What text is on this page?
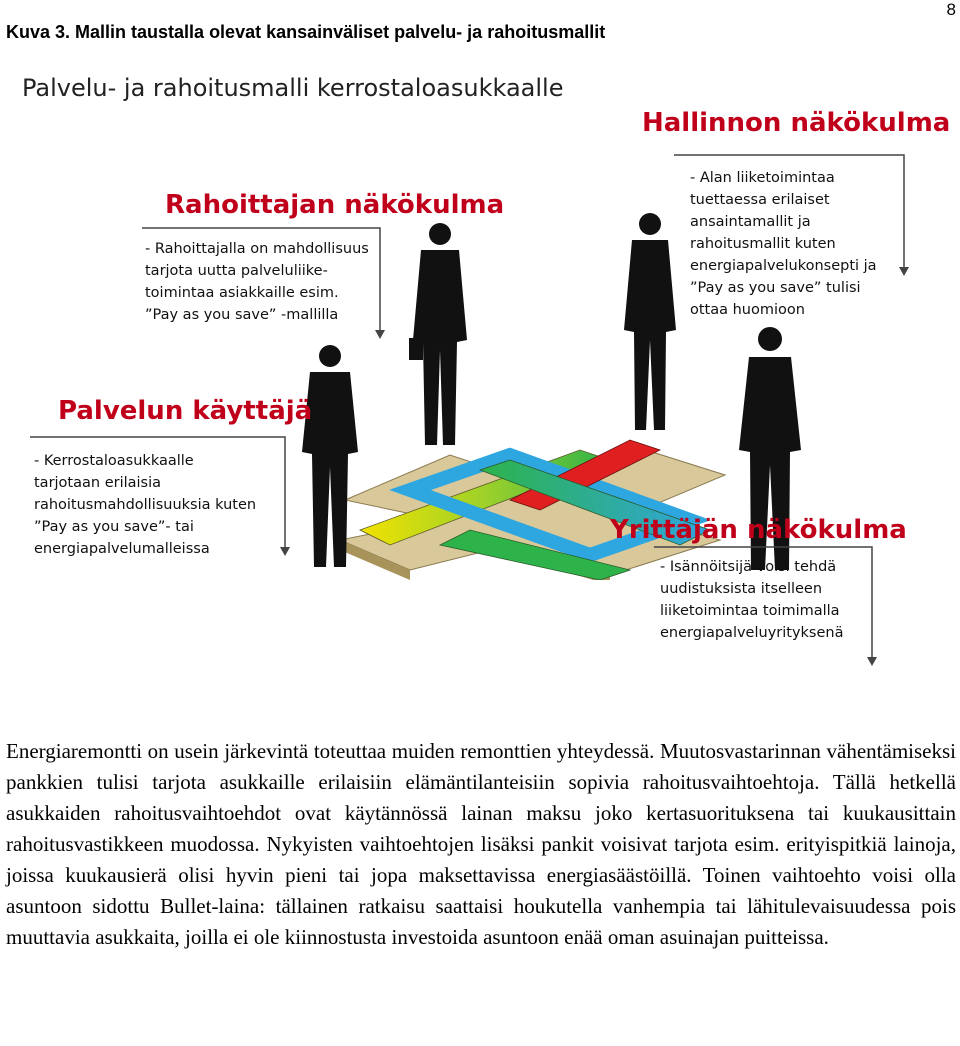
8
Kuva 3. Mallin taustalla olevat kansainväliset palvelu- ja rahoitusmallit
Palvelu- ja rahoitusmalli kerrostaloasukkaalle
Rahoittajan näkökulma
- Rahoittajalla on mahdollisuus
tarjota uutta palveluliike-
toimintaa asiakkaille esim.
”Pay as you save” -mallilla
Hallinnon näkökulma
- Alan liiketoimintaa
tuettaessa erilaiset
ansaintamallit ja
rahoitusmallit kuten
energiapalvelukonsepti ja
”Pay as you save” tulisi
ottaa huomioon
Palvelun käyttäjä
- Kerrostaloasukkaalle
tarjotaan erilaisia
rahoitusmahdollisuuksia kuten
”Pay as you save”- tai
energiapalvelumalleissa
Yrittäjän näkökulma
- Isännöitsijä voisi tehdä
uudistuksista itselleen
liiketoimintaa toimimalla
energiapalveluyrityksenä

Energiaremontti on usein järkevintä toteuttaa muiden remonttien yhteydessä. Muutosvastarinnan vähentämiseksi pankkien tulisi tarjota asukkaille erilaisiin elämäntilanteisiin sopivia rahoitusvaihtoehtoja. Tällä hetkellä asukkaiden rahoitusvaihtoehdot ovat käytännössä lainan maksu joko kertasuorituksena tai kuukausittain rahoitusvastikkeen muodossa. Nykyisten vaihtoehtojen lisäksi pankit voisivat tarjota esim. erityispitkiä lainoja, joissa kuukausierä olisi hyvin pieni tai jopa maksettavissa energiasäästöillä. Toinen vaihtoehto voisi olla asuntoon sidottu Bullet-laina: tällainen ratkaisu saattaisi houkutella vanhempia tai lähitulevaisuudessa pois muuttavia asukkaita, joilla ei ole kiinnostusta investoida asuntoon enää oman asuinajan puitteissa.
